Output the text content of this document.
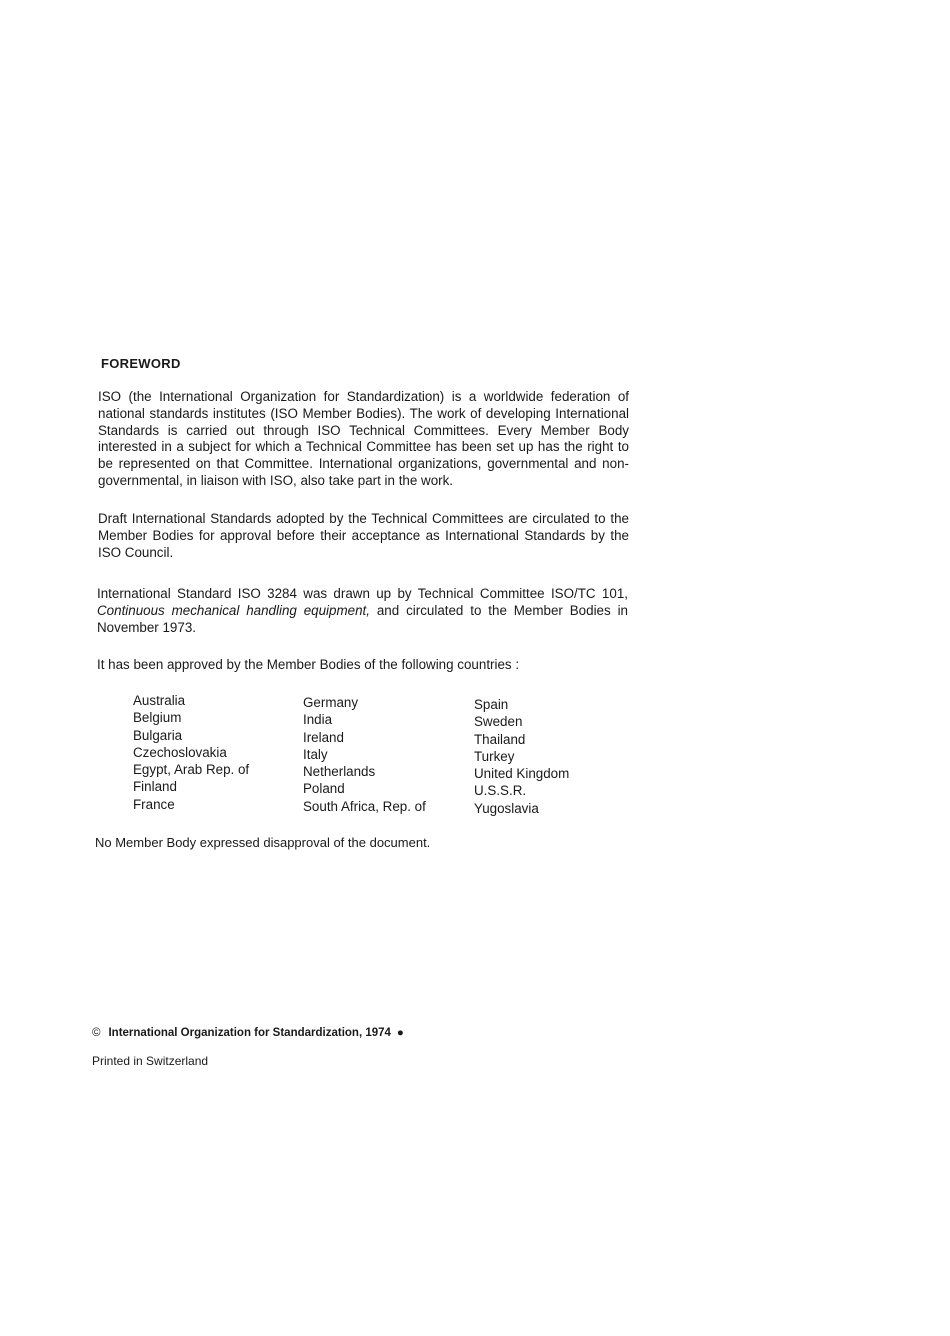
FOREWORD
ISO (the International Organization for Standardization) is a worldwide federation of national standards institutes (ISO Member Bodies). The work of developing International Standards is carried out through ISO Technical Committees. Every Member Body interested in a subject for which a Technical Committee has been set up has the right to be represented on that Committee. International organizations, governmental and non-governmental, in liaison with ISO, also take part in the work.
Draft International Standards adopted by the Technical Committees are circulated to the Member Bodies for approval before their acceptance as International Standards by the ISO Council.
International Standard ISO 3284 was drawn up by Technical Committee ISO/TC 101, Continuous mechanical handling equipment, and circulated to the Member Bodies in November 1973.
It has been approved by the Member Bodies of the following countries :
Australia
Belgium
Bulgaria
Czechoslovakia
Egypt, Arab Rep. of
Finland
France
Germany
India
Ireland
Italy
Netherlands
Poland
South Africa, Rep. of
Spain
Sweden
Thailand
Turkey
United Kingdom
U.S.S.R.
Yugoslavia
No Member Body expressed disapproval of the document.
© International Organization for Standardization, 1974 ●
Printed in Switzerland
